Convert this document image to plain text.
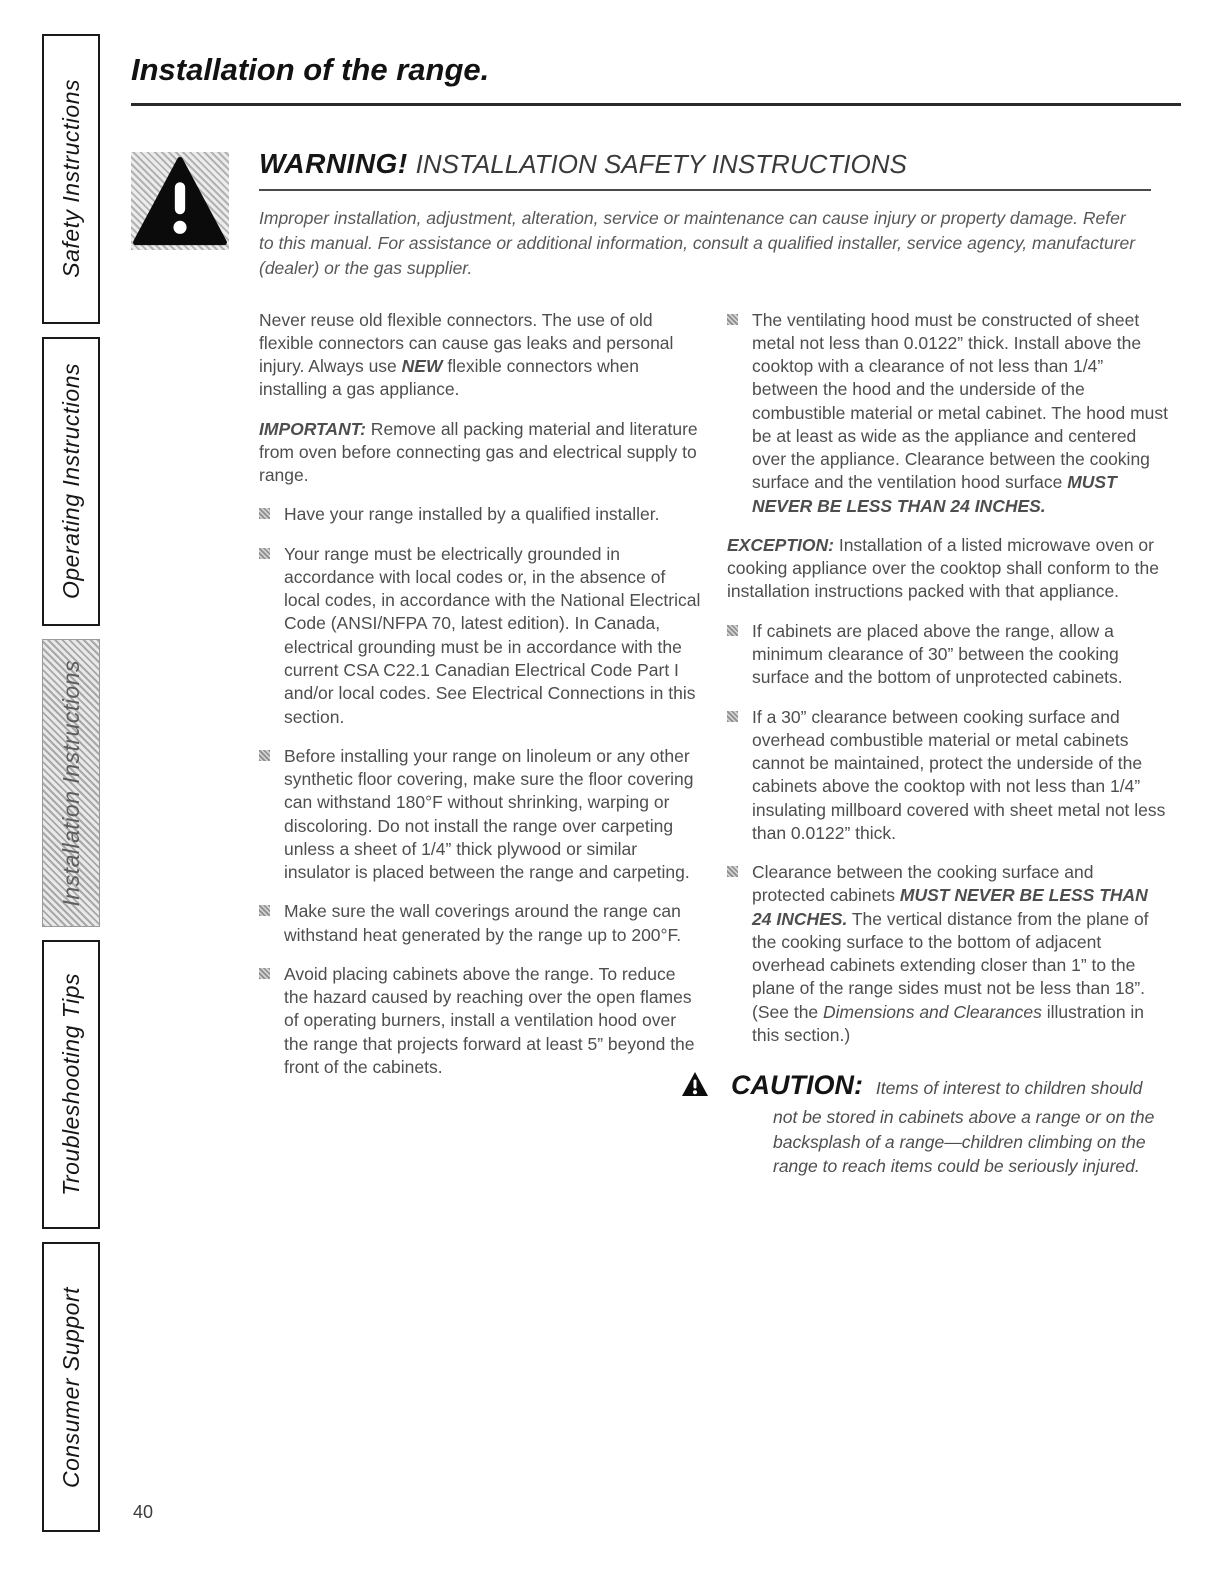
Safety Instructions
Operating Instructions
Installation Instructions
Troubleshooting Tips
Consumer Support
Installation of the range.
WARNING! INSTALLATION SAFETY INSTRUCTIONS

Improper installation, adjustment, alteration, service or maintenance can cause injury or property damage. Refer to this manual. For assistance or additional information, consult a qualified installer, service agency, manufacturer (dealer) or the gas supplier.

Never reuse old flexible connectors. The use of old flexible connectors can cause gas leaks and personal injury. Always use NEW flexible connectors when installing a gas appliance.
IMPORTANT: Remove all packing material and literature from oven before connecting gas and electrical supply to range.
Have your range installed by a qualified installer.
Your range must be electrically grounded in accordance with local codes or, in the absence of local codes, in accordance with the National Electrical Code (ANSI/NFPA 70, latest edition). In Canada, electrical grounding must be in accordance with the current CSA C22.1 Canadian Electrical Code Part I and/or local codes. See Electrical Connections in this section.
Before installing your range on linoleum or any other synthetic floor covering, make sure the floor covering can withstand 180°F without shrinking, warping or discoloring. Do not install the range over carpeting unless a sheet of 1/4” thick plywood or similar insulator is placed between the range and carpeting.
Make sure the wall coverings around the range can withstand heat generated by the range up to 200°F.
Avoid placing cabinets above the range. To reduce the hazard caused by reaching over the open flames of operating burners, install a ventilation hood over the range that projects forward at least 5” beyond the front of the cabinets.
The ventilating hood must be constructed of sheet metal not less than 0.0122” thick. Install above the cooktop with a clearance of not less than 1/4” between the hood and the underside of the combustible material or metal cabinet. The hood must be at least as wide as the appliance and centered over the appliance. Clearance between the cooking surface and the ventilation hood surface MUST NEVER BE LESS THAN 24 INCHES.
EXCEPTION: Installation of a listed microwave oven or cooking appliance over the cooktop shall conform to the installation instructions packed with that appliance.
If cabinets are placed above the range, allow a minimum clearance of 30” between the cooking surface and the bottom of unprotected cabinets.
If a 30” clearance between cooking surface and overhead combustible material or metal cabinets cannot be maintained, protect the underside of the cabinets above the cooktop with not less than 1/4” insulating millboard covered with sheet metal not less than 0.0122” thick.
Clearance between the cooking surface and protected cabinets MUST NEVER BE LESS THAN 24 INCHES. The vertical distance from the plane of the cooking surface to the bottom of adjacent overhead cabinets extending closer than 1” to the plane of the range sides must not be less than 18”. (See the Dimensions and Clearances illustration in this section.)
CAUTION: Items of interest to children should not be stored in cabinets above a range or on the backsplash of a range—children climbing on the range to reach items could be seriously injured.
40
